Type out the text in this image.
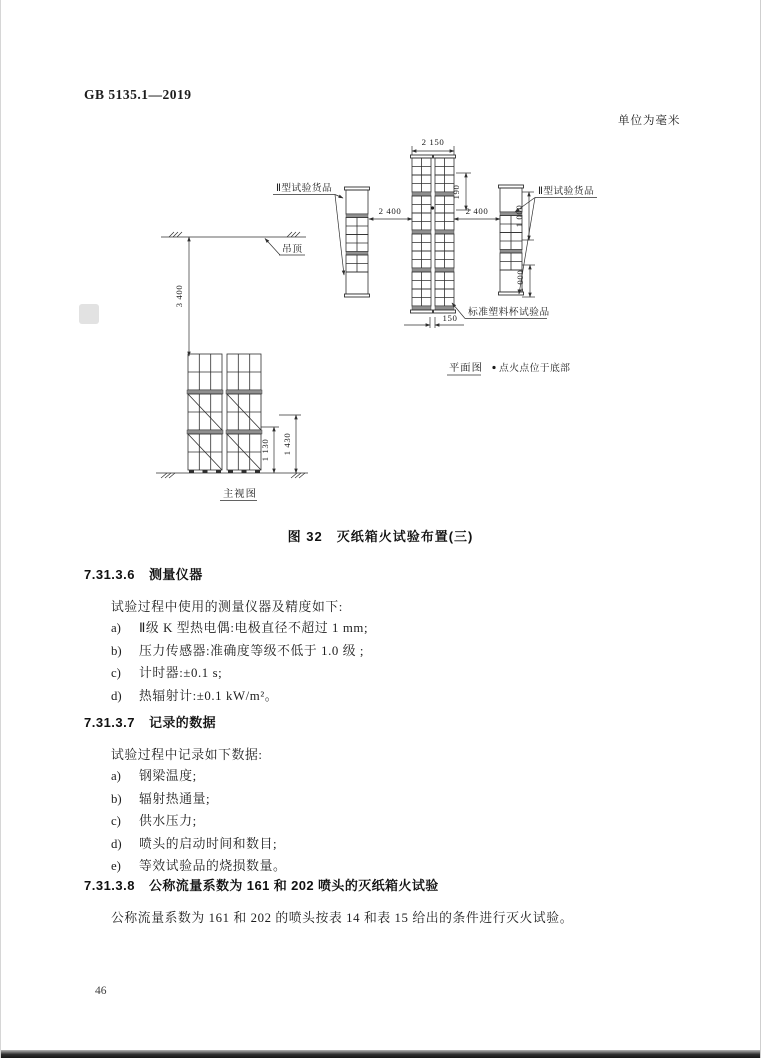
GB 5135.1—2019
单位为毫米
2 150
2 400	2 400
190
1 000
1 000
150
Ⅱ型试验货品	Ⅱ型试验货品
标准塑料杯试验品
平面图 点火点位于底部
吊顶
3 400
1 130 1 430
主视图
图 32　灭纸箱火试验布置(三)
7.31.3.6 测量仪器
试验过程中使用的测量仪器及精度如下:
a)	Ⅱ级 K 型热电偶:电极直径不超过 1 mm;
b)	压力传感器:准确度等级不低于 1.0 级 ;
c)	计时器:±0.1 s;
d)	热辐射计:±0.1 kW/m²。
7.31.3.7 记录的数据
试验过程中记录如下数据:
a)	钢梁温度;
b)	辐射热通量;
c)	供水压力;
d)	喷头的启动时间和数目;
e)	等效试验品的烧损数量。
7.31.3.8 公称流量系数为 161 和 202 喷头的灭纸箱火试验
公称流量系数为 161 和 202 的喷头按表 14 和表 15 给出的条件进行灭火试验。
46
